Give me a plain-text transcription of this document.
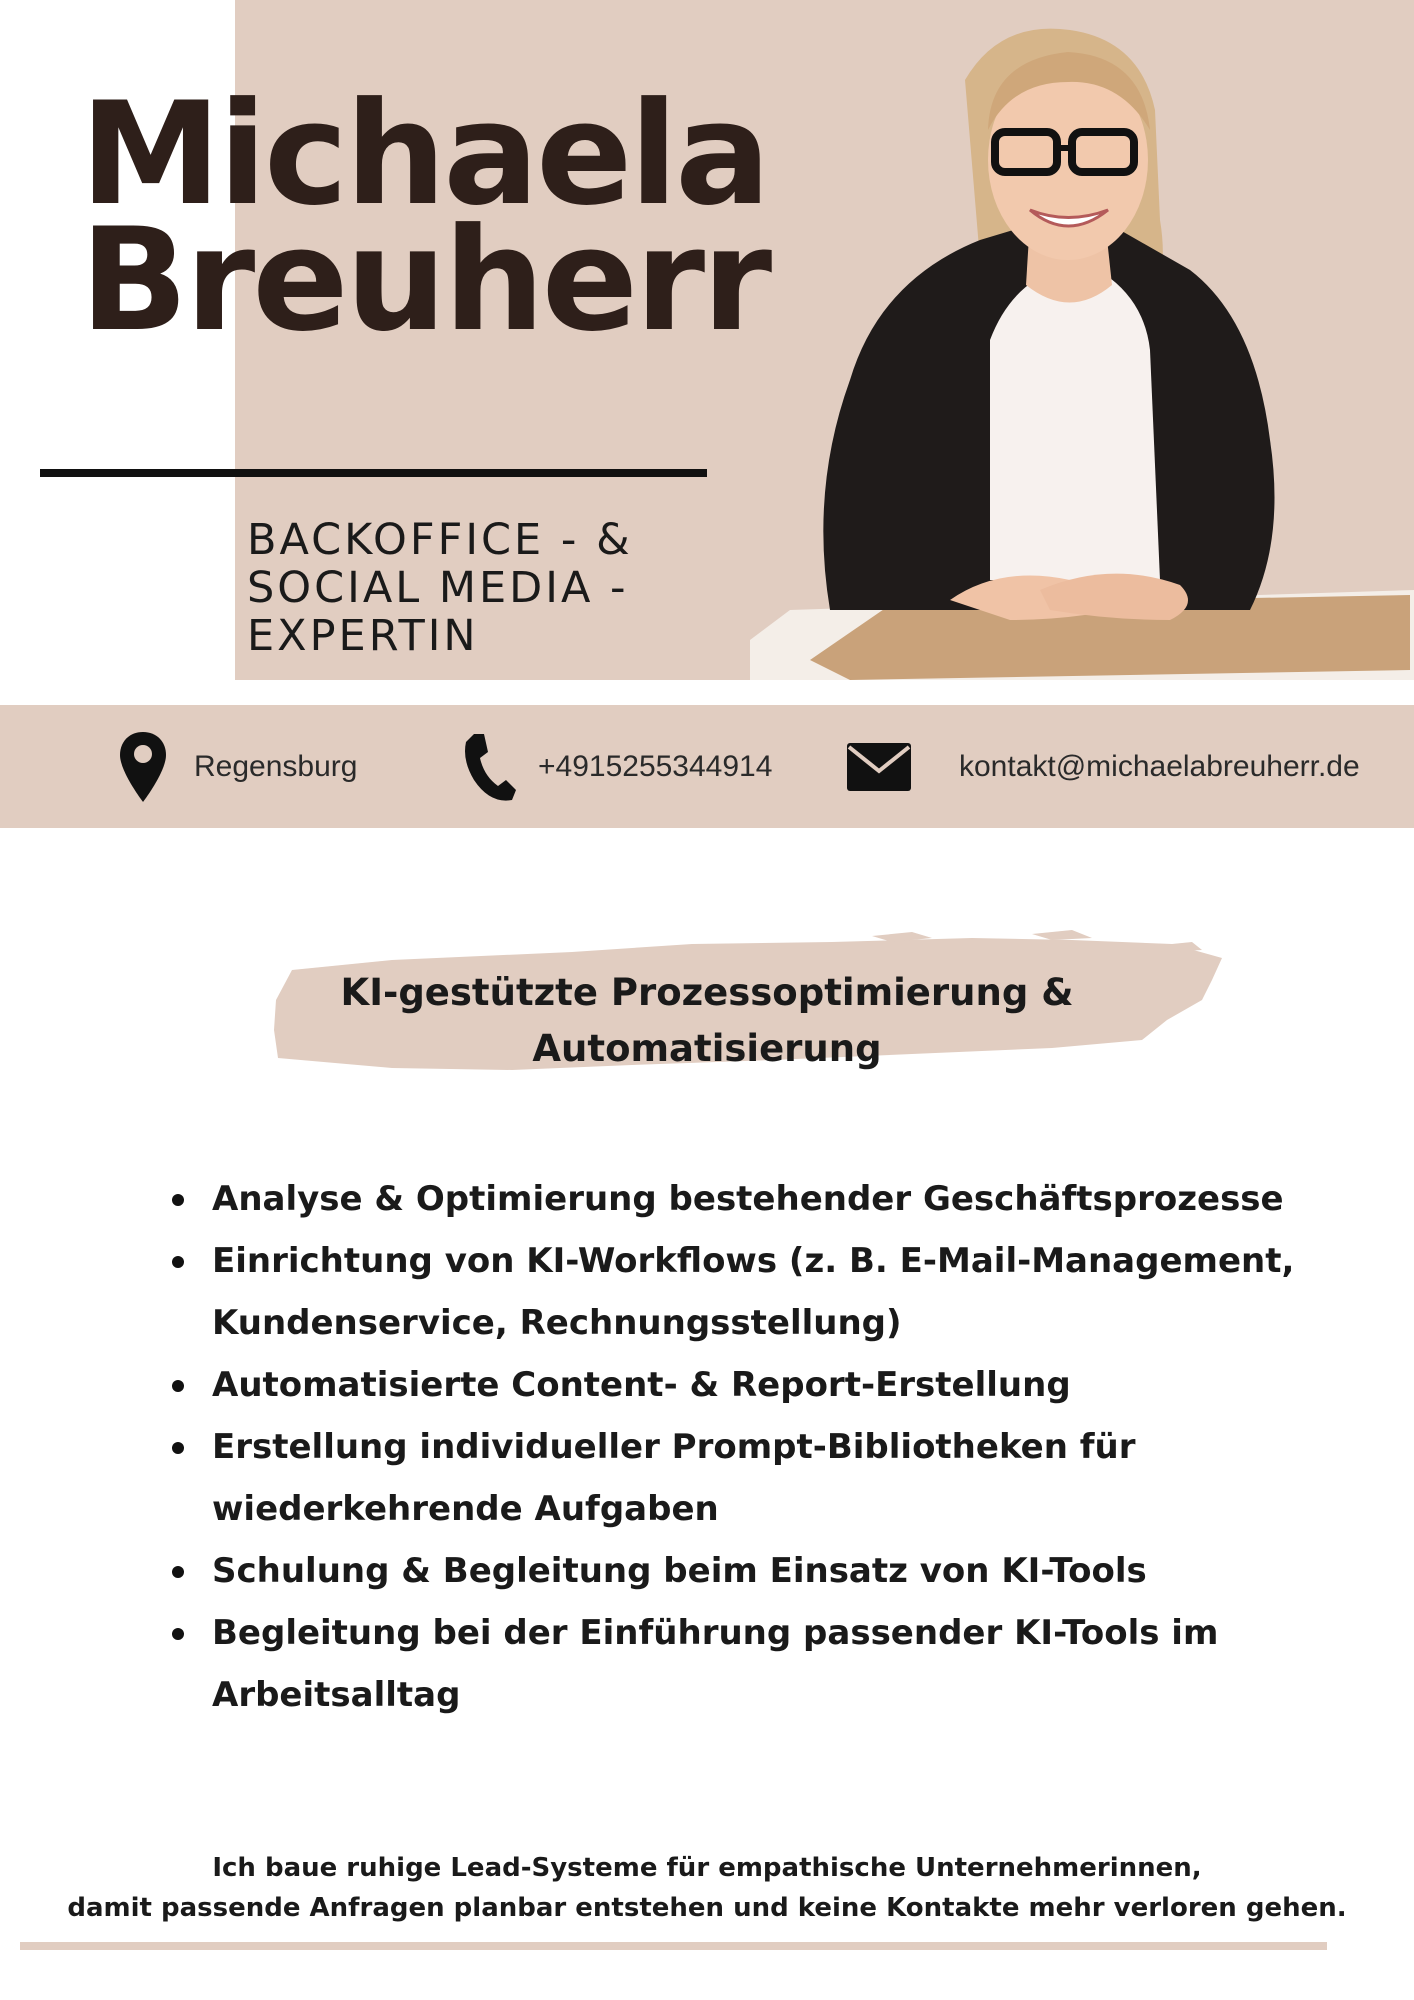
Michaela
Breuherr
BACKOFFICE - &
SOCIAL MEDIA -
EXPERTIN
Regensburg	+4915255344914	kontakt@michaelabreuherr.de
KI-gestützte Prozessoptimierung &
Automatisierung
Analyse & Optimierung bestehender Geschäftsprozesse
Einrichtung von KI-Workflows (z. B. E-Mail-Management,
Kundenservice, Rechnungsstellung)
Automatisierte Content- & Report-Erstellung
Erstellung individueller Prompt-Bibliotheken für
wiederkehrende Aufgaben
Schulung & Begleitung beim Einsatz von KI-Tools
Begleitung bei der Einführung passender KI-Tools im
Arbeitsalltag
Ich baue ruhige Lead-Systeme für empathische Unternehmerinnen,
damit passende Anfragen planbar entstehen und keine Kontakte mehr verloren gehen.
